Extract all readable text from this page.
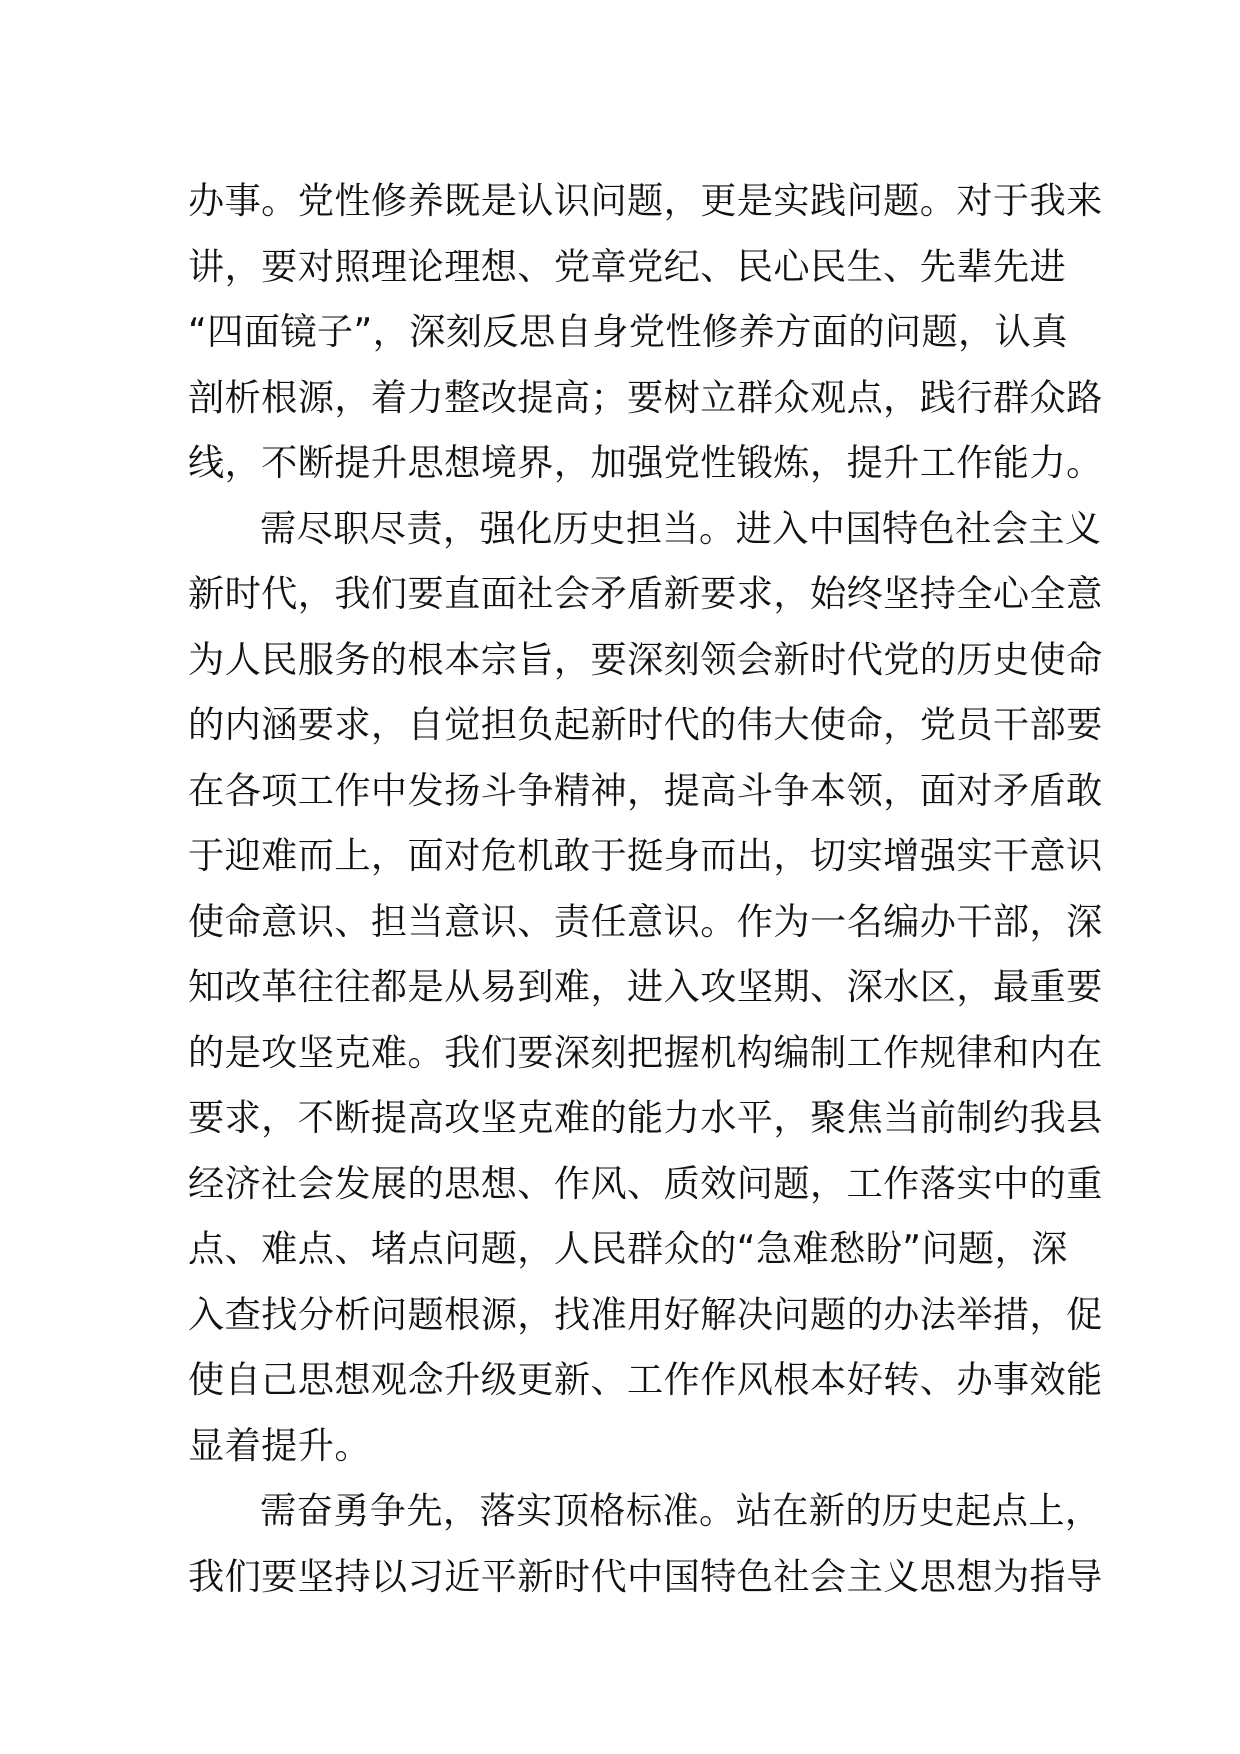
办事。党性修养既是认识问题，更是实践问题。对于我来
讲，要对照理论理想、党章党纪、民心民生、先辈先进
“四面镜子”，深刻反思自身党性修养方面的问题，认真
剖析根源，着力整改提高；要树立群众观点，践行群众路
线，不断提升思想境界，加强党性锻炼，提升工作能力。
需尽职尽责，强化历史担当。进入中国特色社会主义
新时代，我们要直面社会矛盾新要求，始终坚持全心全意
为人民服务的根本宗旨，要深刻领会新时代党的历史使命
的内涵要求，自觉担负起新时代的伟大使命，党员干部要
在各项工作中发扬斗争精神，提高斗争本领，面对矛盾敢
于迎难而上，面对危机敢于挺身而出，切实增强实干意识
使命意识、担当意识、责任意识。作为一名编办干部，深
知改革往往都是从易到难，进入攻坚期、深水区，最重要
的是攻坚克难。我们要深刻把握机构编制工作规律和内在
要求，不断提高攻坚克难的能力水平，聚焦当前制约我县
经济社会发展的思想、作风、质效问题，工作落实中的重
点、难点、堵点问题，人民群众的“急难愁盼”问题，深
入查找分析问题根源，找准用好解决问题的办法举措，促
使自己思想观念升级更新、工作作风根本好转、办事效能
显着提升。
需奋勇争先，落实顶格标准。站在新的历史起点上，
我们要坚持以习近平新时代中国特色社会主义思想为指导
